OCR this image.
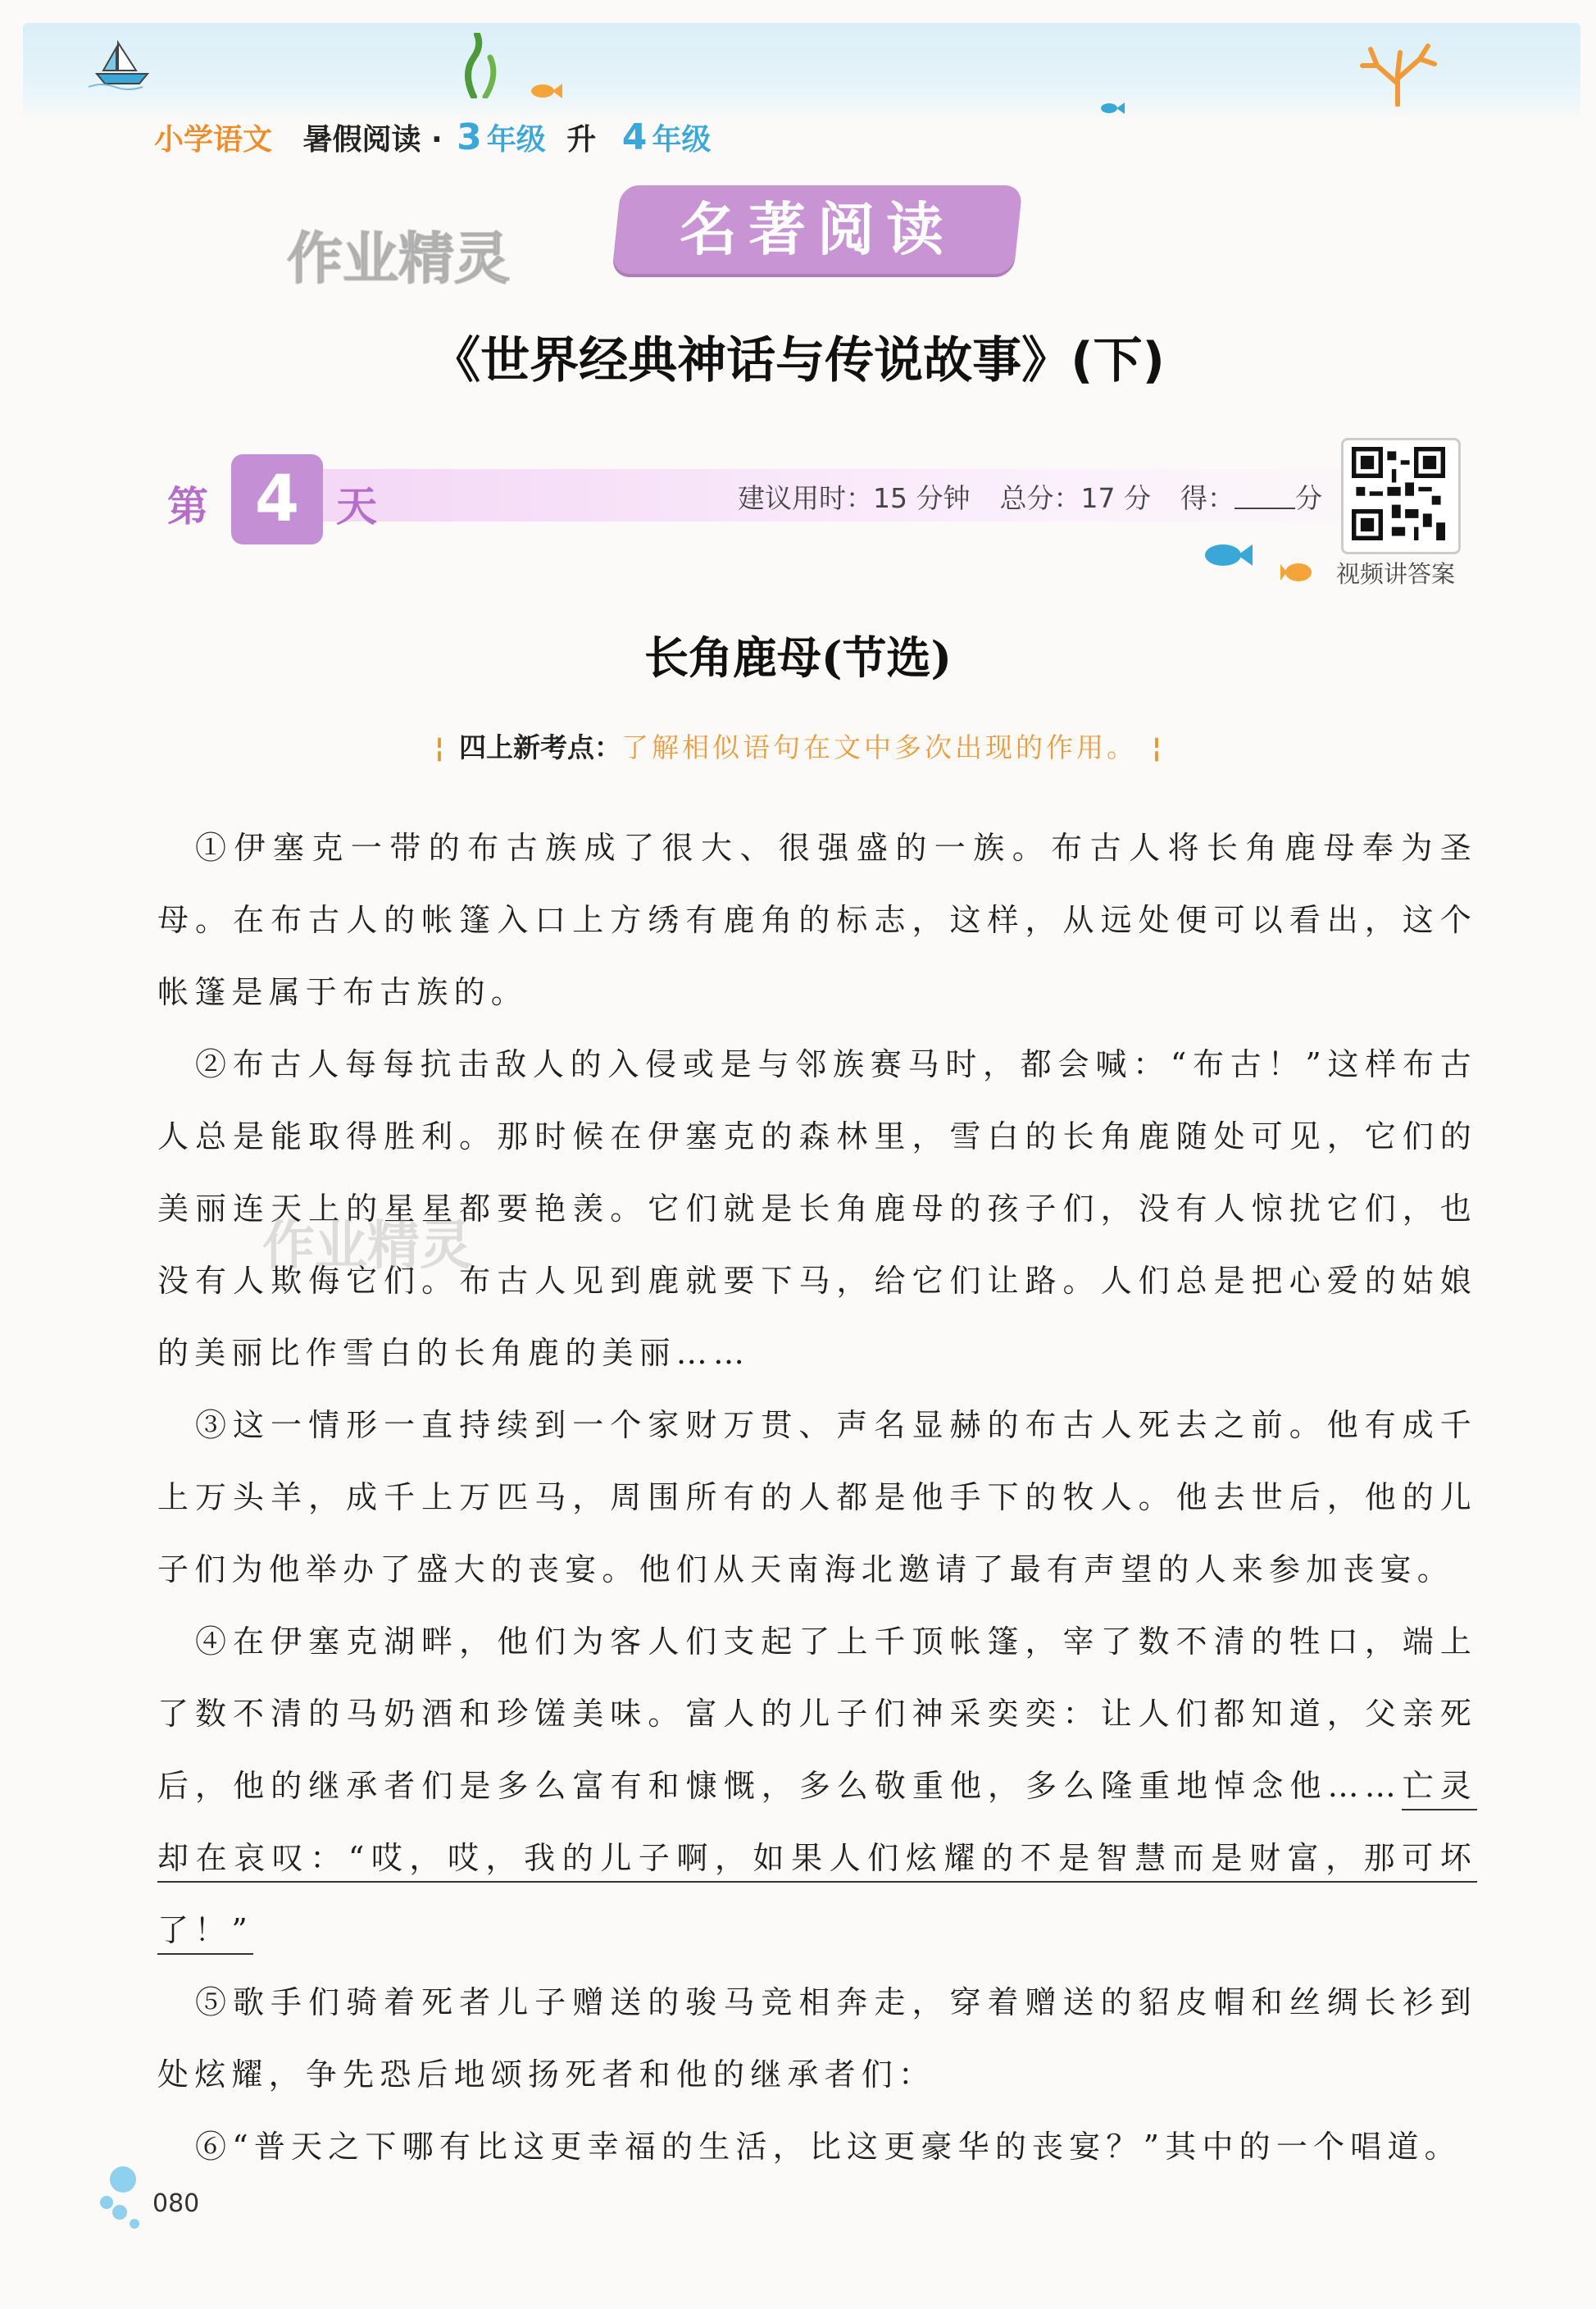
小学语文 暑假阅读 · 3 年级 升 4 年级
作业精灵	名著阅读
《世界经典神话与传说故事》(下)
第 4 天	建议用时：15 分钟 总分：17 分 得： 分
视频讲答案
长角鹿母(节选)
¦ 四上新考点：了解相似语句在文中多次出现的作用。 ¦

①伊塞克一带的布古族成了很大、很强盛的一族。布古人将长角鹿母奉为圣母。在布古人的帐篷入口上方绣有鹿角的标志，这样，从远处便可以看出，这个帐篷是属于布古族的。

②布古人每每抗击敌人的入侵或是与邻族赛马时，都会喊：“布古！”这样布古人总是能取得胜利。那时候在伊塞克的森林里，雪白的长角鹿随处可见，它们的美丽连天上的星星都要艳羡。它们就是长角鹿母的孩子们，没有人惊扰它们，也没有人欺侮它们。布古人见到鹿就要下马，给它们让路。人们总是把心爱的姑娘的美丽比作雪白的长角鹿的美丽……

③这一情形一直持续到一个家财万贯、声名显赫的布古人死去之前。他有成千上万头羊，成千上万匹马，周围所有的人都是他手下的牧人。他去世后，他的儿子们为他举办了盛大的丧宴。他们从天南海北邀请了最有声望的人来参加丧宴。

④在伊塞克湖畔，他们为客人们支起了上千顶帐篷，宰了数不清的牲口，端上了数不清的马奶酒和珍馐美味。富人的儿子们神采奕奕：让人们都知道，父亲死后，他的继承者们是多么富有和慷慨，多么敬重他，多么隆重地悼念他……亡灵却在哀叹：“哎，哎，我的儿子啊，如果人们炫耀的不是智慧而是财富，那可坏了！”

⑤歌手们骑着死者儿子赠送的骏马竞相奔走，穿着赠送的貂皮帽和丝绸长衫到处炫耀，争先恐后地颂扬死者和他的继承者们：

⑥“普天之下哪有比这更幸福的生活，比这更豪华的丧宴？”其中的一个唱道。

作业精灵
080
